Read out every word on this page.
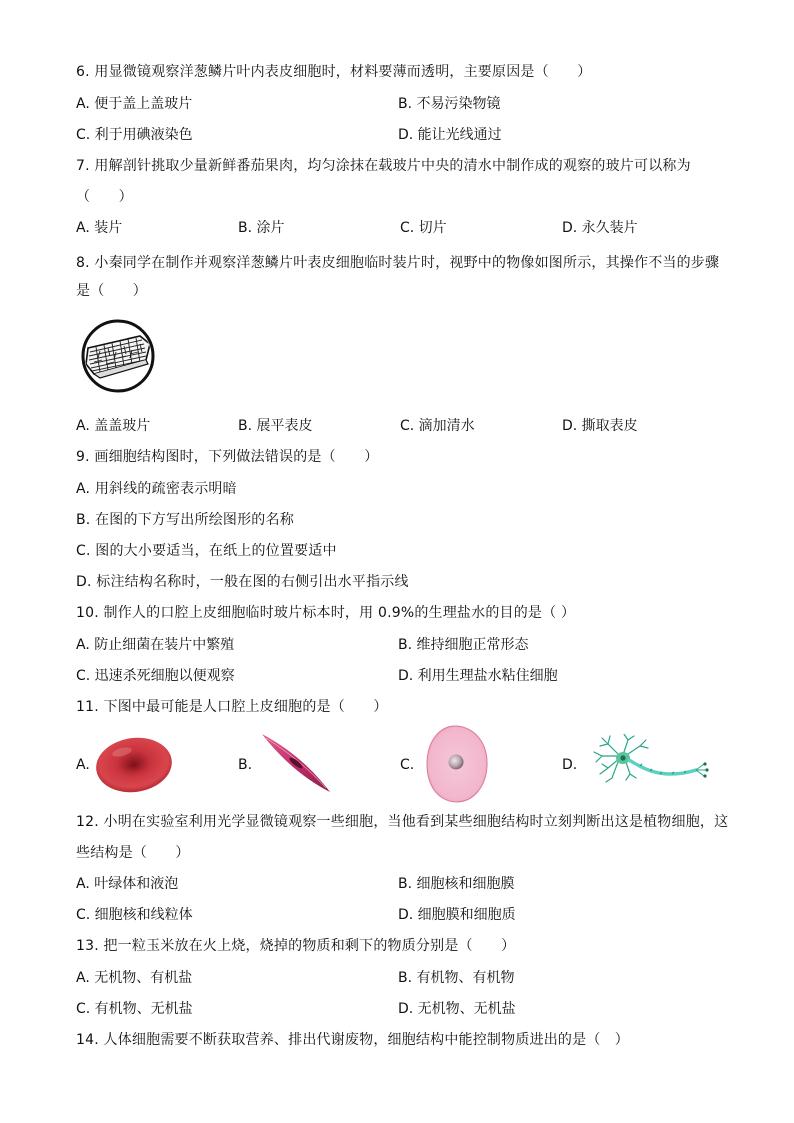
6. 用显微镜观察洋葱鳞片叶内表皮细胞时，材料要薄而透明，主要原因是（　　）
A. 便于盖上盖玻片	B. 不易污染物镜
C. 利于用碘液染色	D. 能让光线通过
7. 用解剖针挑取少量新鲜番茄果肉，均匀涂抹在载玻片中央的清水中制作成的观察的玻片可以称为
（　　）
A. 装片	B. 涂片	C. 切片	D. 永久装片
8. 小秦同学在制作并观察洋葱鳞片叶表皮细胞临时装片时，视野中的物像如图所示，其操作不当的步骤
是（　　）
A. 盖盖玻片	B. 展平表皮	C. 滴加清水	D. 撕取表皮
9. 画细胞结构图时，下列做法错误的是（　　）
A. 用斜线的疏密表示明暗
B. 在图的下方写出所绘图形的名称
C. 图的大小要适当，在纸上的位置要适中
D. 标注结构名称时，一般在图的右侧引出水平指示线
10. 制作人的口腔上皮细胞临时玻片标本时，用 0.9%的生理盐水的目的是（ ）
A. 防止细菌在装片中繁殖	B. 维持细胞正常形态
C. 迅速杀死细胞以便观察	D. 利用生理盐水粘住细胞
11. 下图中最可能是人口腔上皮细胞的是（　　）
A.	B.	C.	D.
12. 小明在实验室利用光学显微镜观察一些细胞，当他看到某些细胞结构时立刻判断出这是植物细胞，这
些结构是（　　）
A. 叶绿体和液泡	B. 细胞核和细胞膜
C. 细胞核和线粒体	D. 细胞膜和细胞质
13. 把一粒玉米放在火上烧，烧掉的物质和剩下的物质分别是（　　）
A. 无机物、有机盐	B. 有机物、有机物
C. 有机物、无机盐	D. 无机物、无机盐
14. 人体细胞需要不断获取营养、排出代谢废物，细胞结构中能控制物质进出的是（　）
